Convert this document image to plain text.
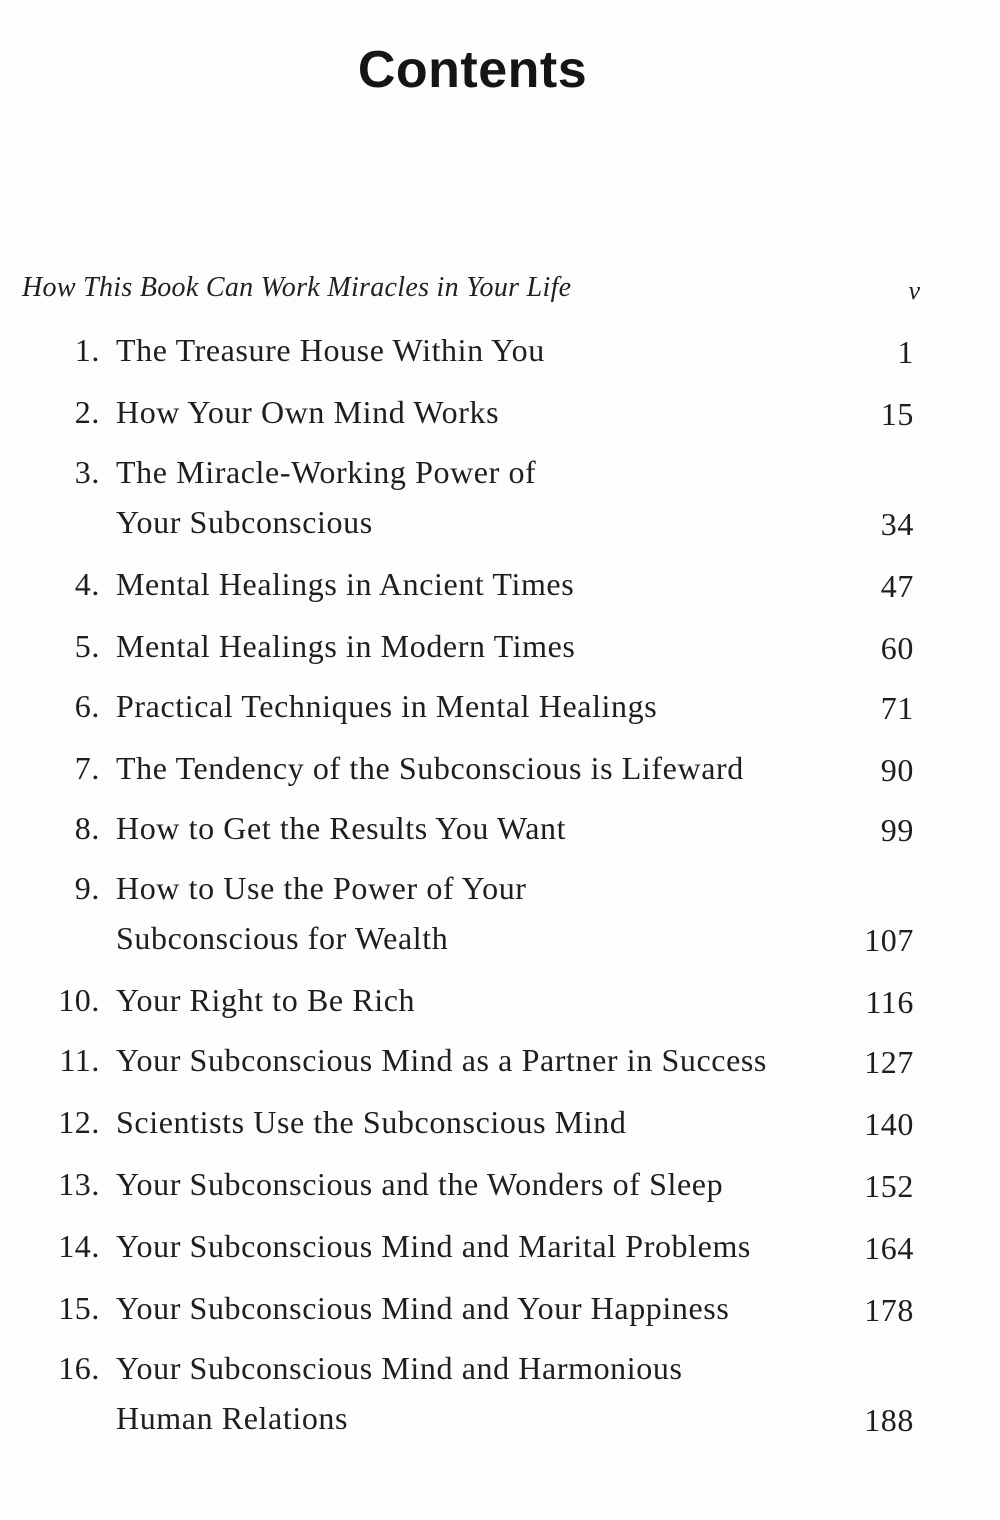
Contents
How This Book Can Work Miracles in Your Life	v
1. The Treasure House Within You	1
2. How Your Own Mind Works	15
3. The Miracle-Working Power of
Your Subconscious	34
4. Mental Healings in Ancient Times	47
5. Mental Healings in Modern Times	60
6. Practical Techniques in Mental Healings	71
7. The Tendency of the Subconscious is Lifeward	90
8. How to Get the Results You Want	99
9. How to Use the Power of Your
Subconscious for Wealth	107
10. Your Right to Be Rich	116
11. Your Subconscious Mind as a Partner in Success	127
12. Scientists Use the Subconscious Mind	140
13. Your Subconscious and the Wonders of Sleep	152
14. Your Subconscious Mind and Marital Problems	164
15. Your Subconscious Mind and Your Happiness	178
16. Your Subconscious Mind and Harmonious
Human Relations	188
